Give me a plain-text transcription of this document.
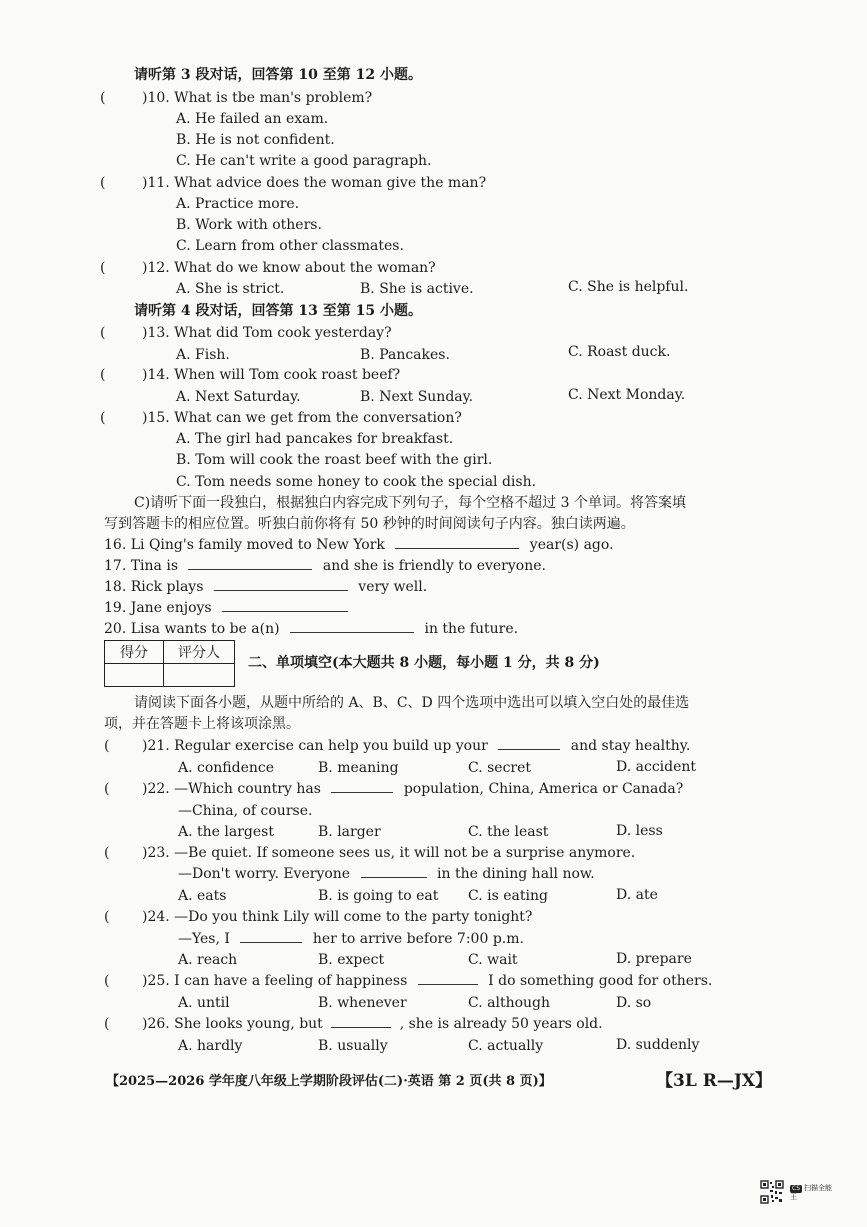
请听第 3 段对话，回答第 10 至第 12 小题。
(	)10. What is tbe man's problem?
A. He failed an exam.
B. He is not confident.
C. He can't write a good paragraph.
(	)11. What advice does the woman give the man?
A. Practice more.
B. Work with others.
C. Learn from other classmates.
(	)12. What do we know about the woman?
A. She is strict.	B. She is active.	C. She is helpful.
请听第 4 段对话，回答第 13 至第 15 小题。
(	)13. What did Tom cook yesterday?
A. Fish.	B. Pancakes.	C. Roast duck.
(	)14. When will Tom cook roast beef?
A. Next Saturday.	B. Next Sunday.	C. Next Monday.
(	)15. What can we get from the conversation?
A. The girl had pancakes for breakfast.
B. Tom will cook the roast beef with the girl.
C. Tom needs some honey to cook the special dish.
C)请听下面一段独白，根据独白内容完成下列句子，每个空格不超过 3 个单词。将答案填
写到答题卡的相应位置。听独白前你将有 50 秒钟的时间阅读句子内容。独白读两遍。
16. Li Qing's family moved to New York	year(s) ago.
17. Tina is	and she is friendly to everyone.
18. Rick plays	very well.
19. Jane enjoys
20. Lisa wants to be a(n)	in the future.
得分	评分人

二、单项填空(本大题共 8 小题，每小题 1 分，共 8 分)
请阅读下面各小题，从题中所给的 A、B、C、D 四个选项中选出可以填入空白处的最佳选
项，并在答题卡上将该项涂黑。
( )21. Regular exercise can help you build up your	and stay healthy.
A. confidence	B. meaning	C. secret	D. accident
( )22. —Which country has	population, China, America or Canada?
—China, of course.
A. the largest	B. larger	C. the least	D. less
( )23. —Be quiet. If someone sees us, it will not be a surprise anymore.
—Don't worry. Everyone	in the dining hall now.
A. eats	B. is going to eat C. is eating	D. ate
( )24. —Do you think Lily will come to the party tonight?
—Yes, I	her to arrive before 7:00 p.m.
A. reach	B. expect	C. wait	D. prepare
( )25. I can have a feeling of happiness	I do something good for others.
A. until	B. whenever	C. although	D. so
( )26. She looks young, but	, she is already 50 years old.
A. hardly	B. usually	C. actually	D. suddenly
【2025—2026 学年度八年级上学期阶段评估(二)·英语 第 2 页(共 8 页)】	【3L R—JX】
CS 扫描全能王
